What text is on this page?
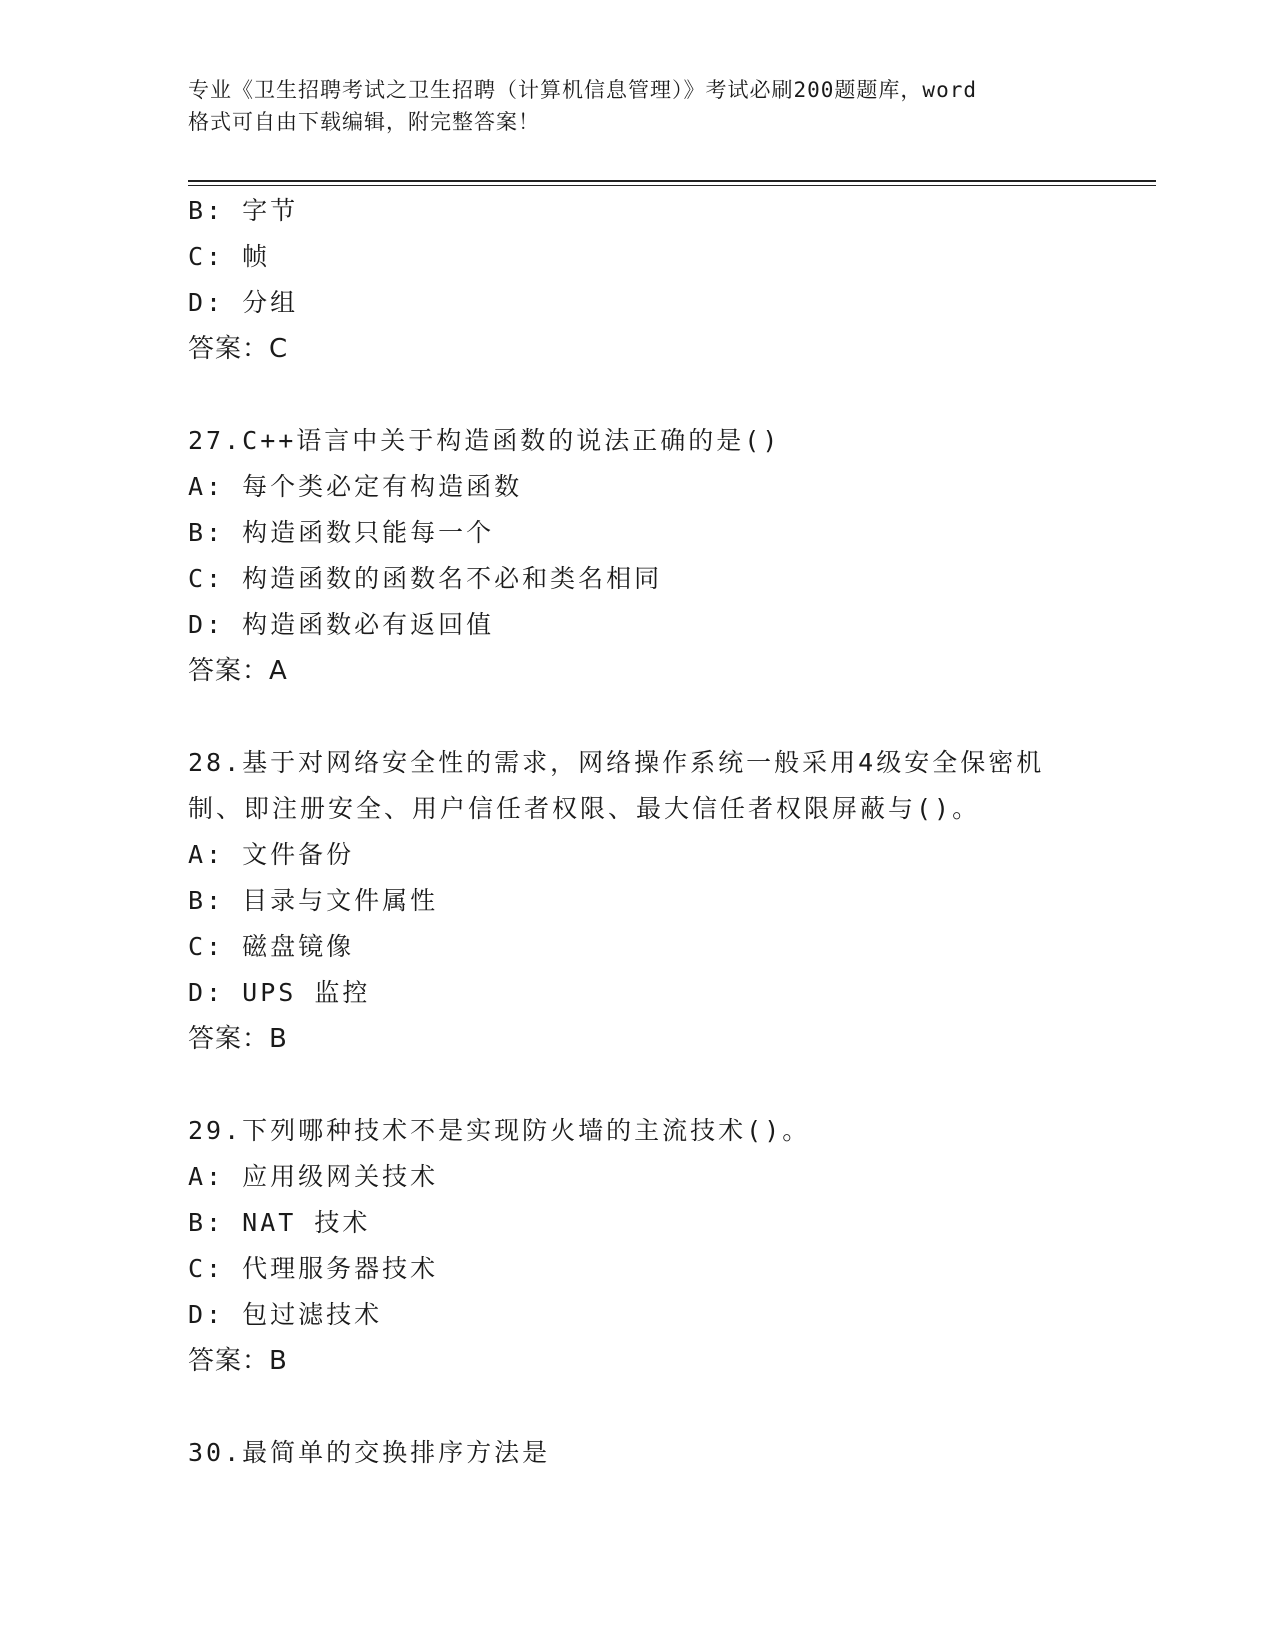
专业《卫生招聘考试之卫生招聘（计算机信息管理）》考试必刷200题题库，word
格式可自由下载编辑，附完整答案！
B: 字节
C: 帧
D: 分组
答案：C
27.C++语言中关于构造函数的说法正确的是()
A: 每个类必定有构造函数
B: 构造函数只能每一个
C: 构造函数的函数名不必和类名相同
D: 构造函数必有返回值
答案：A
28.基于对网络安全性的需求，网络操作系统一般采用4级安全保密机
制、即注册安全、用户信任者权限、最大信任者权限屏蔽与()。
A: 文件备份
B: 目录与文件属性
C: 磁盘镜像
D: UPS 监控
答案：B
29.下列哪种技术不是实现防火墙的主流技术()。
A: 应用级网关技术
B: NAT 技术
C: 代理服务器技术
D: 包过滤技术
答案：B
30.最简单的交换排序方法是
